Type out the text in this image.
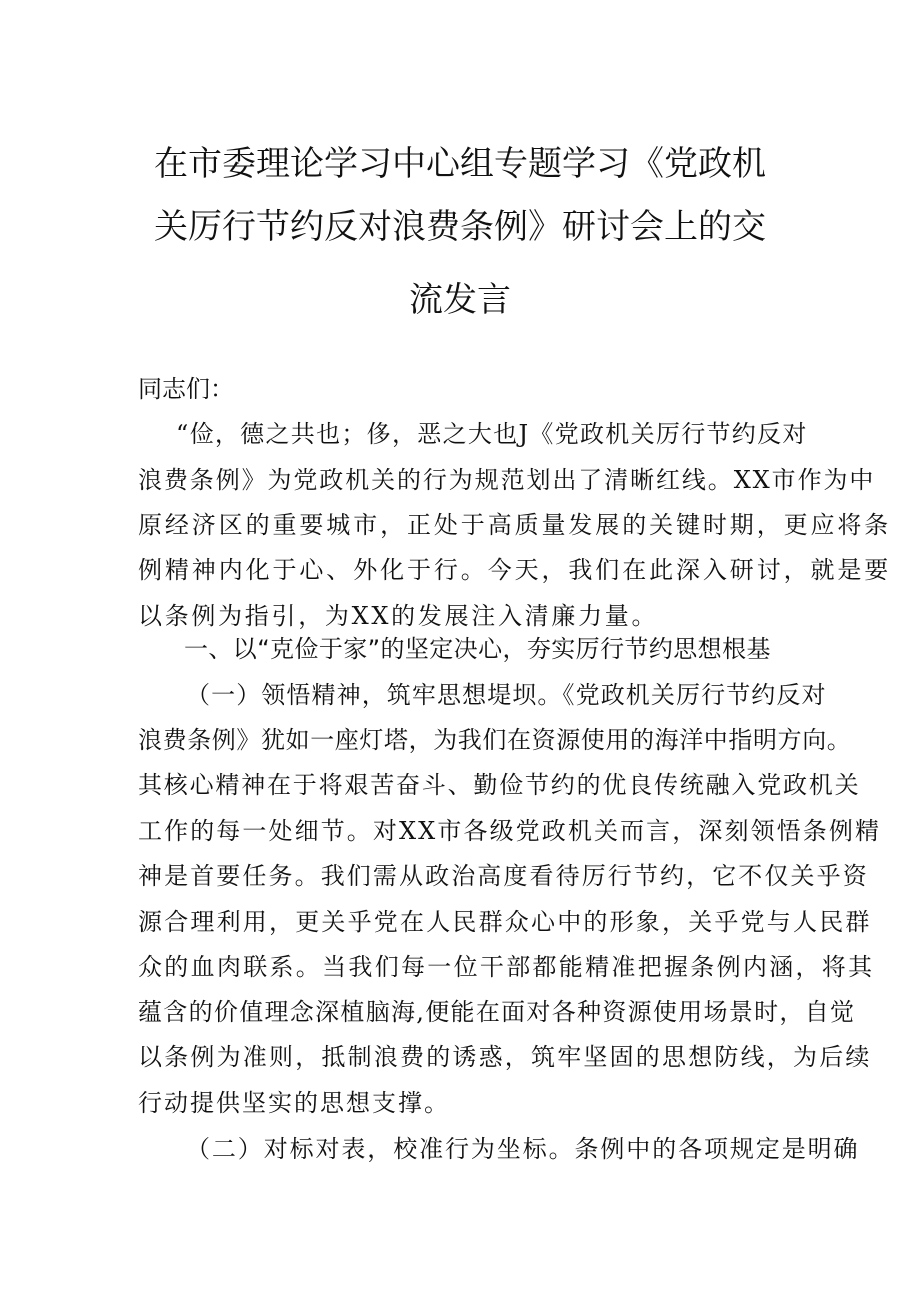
在市委理论学习中心组专题学习《党政机
关厉行节约反对浪费条例》研讨会上的交
流发言
同志们：
“俭，德之共也；侈，恶之大也J《党政机关厉行节约反对
浪费条例》为党政机关的行为规范划出了清晰红线。XX市作为中
原经济区的重要城市，正处于高质量发展的关键时期，更应将条
例精神内化于心、外化于行。今天，我们在此深入研讨，就是要
以条例为指引，为XX的发展注入清廉力量。
一、以“克俭于家”的坚定决心，夯实厉行节约思想根基
（一）领悟精神，筑牢思想堤坝。《党政机关厉行节约反对
浪费条例》犹如一座灯塔，为我们在资源使用的海洋中指明方向。
其核心精神在于将艰苦奋斗、勤俭节约的优良传统融入党政机关
工作的每一处细节。对XX市各级党政机关而言，深刻领悟条例精
神是首要任务。我们需从政治高度看待厉行节约，它不仅关乎资
源合理利用，更关乎党在人民群众心中的形象，关乎党与人民群
众的血肉联系。当我们每一位干部都能精准把握条例内涵，将其
蕴含的价值理念深植脑海,便能在面对各种资源使用场景时，自觉
以条例为准则，抵制浪费的诱惑，筑牢坚固的思想防线，为后续
行动提供坚实的思想支撑。
（二）对标对表，校准行为坐标。条例中的各项规定是明确
